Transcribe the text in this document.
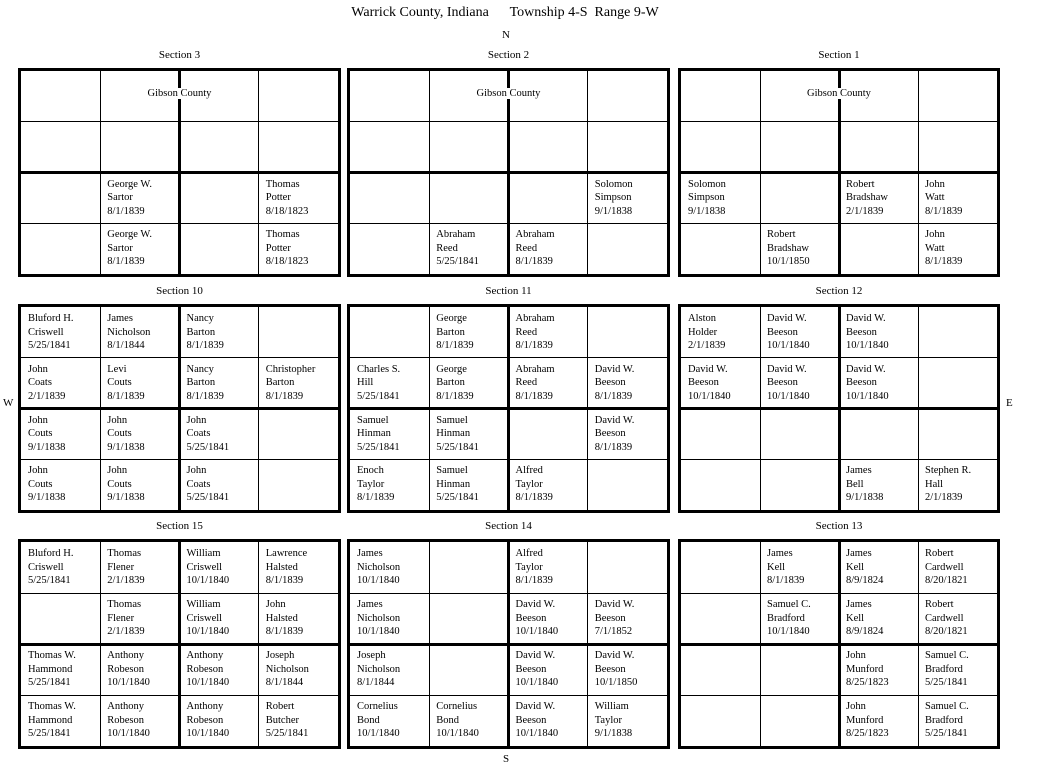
Warrick County, Indiana      Township 4-S  Range 9-W
N
S
W	E
Section 3
Gibson County
George W.
Sartor
8/1/1839
Thomas
Potter
8/18/1823
George W.
Sartor
8/1/1839
Thomas
Potter
8/18/1823
Section 2
Gibson County
Solomon
Simpson
9/1/1838
Abraham
Reed
5/25/1841
Abraham
Reed
8/1/1839
Section 1
Gibson County
Solomon
Simpson
9/1/1838
Robert
Bradshaw
2/1/1839
John
Watt
8/1/1839
Robert
Bradshaw
10/1/1850
John
Watt
8/1/1839
Section 10
Bluford H.
Criswell
5/25/1841
James
Nicholson
8/1/1844
Nancy
Barton
8/1/1839
John
Coats
2/1/1839
Levi
Couts
8/1/1839
Nancy
Barton
8/1/1839
Christopher
Barton
8/1/1839
John
Couts
9/1/1838
John
Couts
9/1/1838
John
Coats
5/25/1841
John
Couts
9/1/1838
John
Couts
9/1/1838
John
Coats
5/25/1841
Section 11
George
Barton
8/1/1839
Abraham
Reed
8/1/1839
Charles S.
Hill
5/25/1841
George
Barton
8/1/1839
Abraham
Reed
8/1/1839
David W.
Beeson
8/1/1839
Samuel
Hinman
5/25/1841
Samuel
Hinman
5/25/1841
David W.
Beeson
8/1/1839
Enoch
Taylor
8/1/1839
Samuel
Hinman
5/25/1841
Alfred
Taylor
8/1/1839
Section 12
Alston
Holder
2/1/1839
David W.
Beeson
10/1/1840
David W.
Beeson
10/1/1840
David W.
Beeson
10/1/1840
David W.
Beeson
10/1/1840
David W.
Beeson
10/1/1840
James
Bell
9/1/1838
Stephen R.
Hall
2/1/1839
Section 15
Bluford H.
Criswell
5/25/1841
Thomas
Flener
2/1/1839
William
Criswell
10/1/1840
Lawrence
Halsted
8/1/1839
Thomas
Flener
2/1/1839
William
Criswell
10/1/1840
John
Halsted
8/1/1839
Thomas W.
Hammond
5/25/1841
Anthony
Robeson
10/1/1840
Anthony
Robeson
10/1/1840
Joseph
Nicholson
8/1/1844
Thomas W.
Hammond
5/25/1841
Anthony
Robeson
10/1/1840
Anthony
Robeson
10/1/1840
Robert
Butcher
5/25/1841
Section 14
James
Nicholson
10/1/1840
Alfred
Taylor
8/1/1839
James
Nicholson
10/1/1840
David W.
Beeson
10/1/1840
David W.
Beeson
7/1/1852
Joseph
Nicholson
8/1/1844
David W.
Beeson
10/1/1840
David W.
Beeson
10/1/1850
Cornelius
Bond
10/1/1840
Cornelius
Bond
10/1/1840
David W.
Beeson
10/1/1840
William
Taylor
9/1/1838
Section 13
James
Kell
8/1/1839
James
Kell
8/9/1824
Robert
Cardwell
8/20/1821
Samuel C.
Bradford
10/1/1840
James
Kell
8/9/1824
Robert
Cardwell
8/20/1821
John
Munford
8/25/1823
Samuel C.
Bradford
5/25/1841
John
Munford
8/25/1823
Samuel C.
Bradford
5/25/1841
